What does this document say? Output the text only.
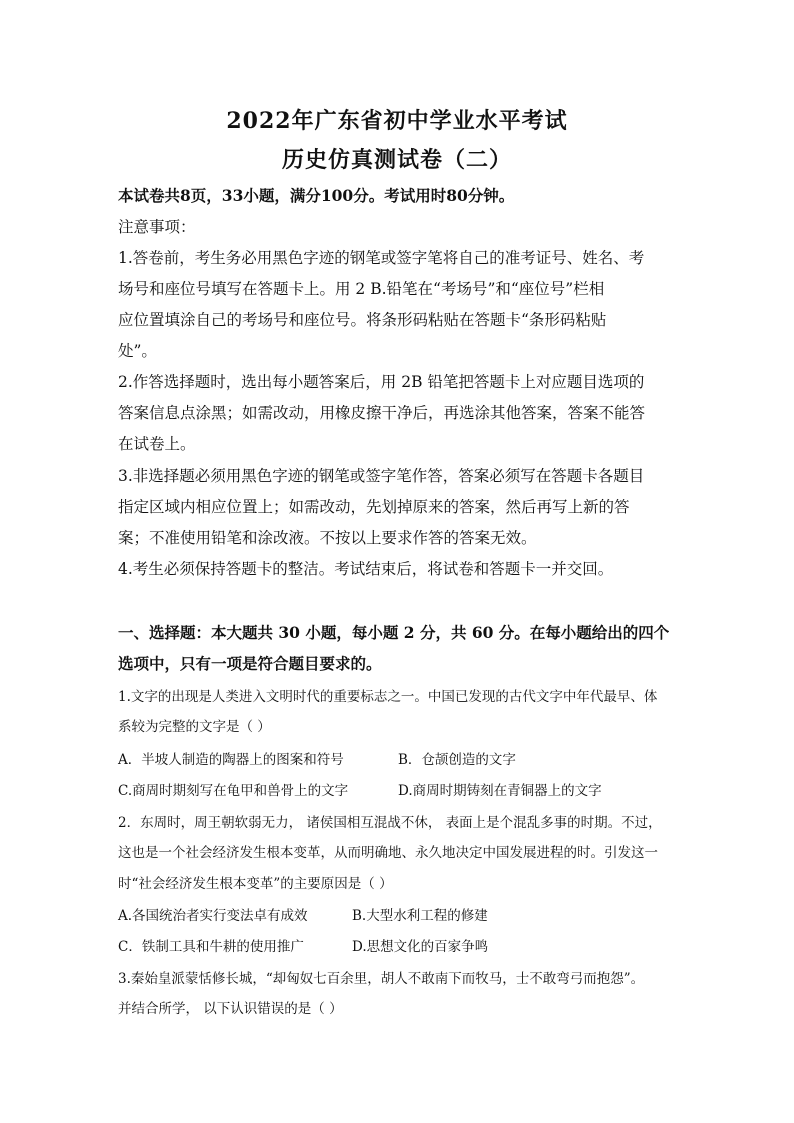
2022年广东省初中学业水平考试
历史仿真测试卷（二）
本试卷共8页，33小题，满分100分。考试用时80分钟。
注意事项：
1.答卷前，考生务必用黑色字迹的钢笔或签字笔将自己的准考证号、姓名、考
场号和座位号填写在答题卡上。用 2 B.铅笔在“考场号”和“座位号”栏相
应位置填涂自己的考场号和座位号。将条形码粘贴在答题卡“条形码粘贴
处”。
2.作答选择题时，选出每小题答案后，用 2B 铅笔把答题卡上对应题目选项的
答案信息点涂黑；如需改动，用橡皮擦干净后，再选涂其他答案，答案不能答
在试卷上。
3.非选择题必须用黑色字迹的钢笔或签字笔作答，答案必须写在答题卡各题目
指定区域内相应位置上；如需改动，先划掉原来的答案，然后再写上新的答
案；不准使用铅笔和涂改液。不按以上要求作答的答案无效。
4.考生必须保持答题卡的整洁。考试结束后，将试卷和答题卡一并交回。
一、选择题：本大题共 30 小题，每小题 2 分，共 60 分。在每小题给出的四个
选项中，只有一项是符合题目要求的。
1.文字的出现是人类进入文明时代的重要标志之一。中国已发现的古代文字中年代最早、体
系较为完整的文字是（ ）
A．半坡人制造的陶器上的图案和符号	B．仓颉创造的文字
C.商周时期刻写在龟甲和兽骨上的文字	D.商周时期铸刻在青铜器上的文字
2．东周时，周王朝软弱无力， 诸侯国相互混战不休， 表面上是个混乱多事的时期。不过，
这也是一个社会经济发生根本变革，从而明确地、永久地决定中国发展进程的时。引发这一
时“社会经济发生根本变革”的主要原因是（ ）
A.各国统治者实行变法卓有成效	B.大型水利工程的修建
C．铁制工具和牛耕的使用推广	D.思想文化的百家争鸣
3.秦始皇派蒙恬修长城，“却匈奴七百余里，胡人不敢南下而牧马，士不敢弯弓而抱怨”。
并结合所学， 以下认识错误的是（ ）
